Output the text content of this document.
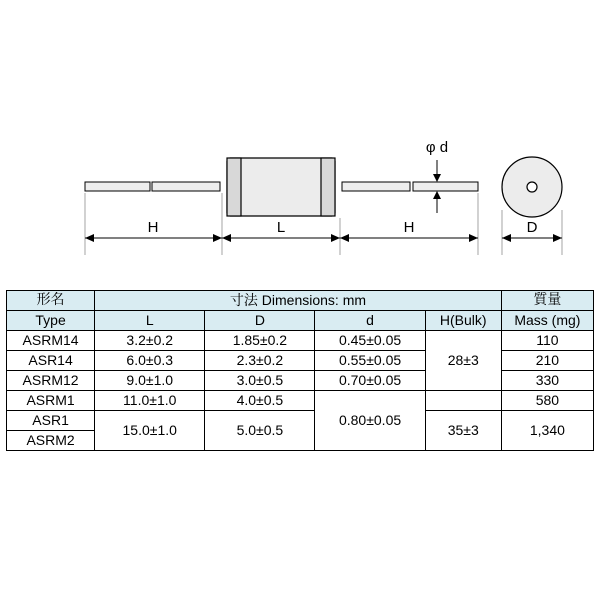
φ d
H	L	H	D
形名	寸法 Dimensions: mm				質量
Type	L	D	d	H(Bulk)	Mass (mg)
ASRM14	3.2±0.2	1.85±0.2	0.45±0.05	28±3	110
ASR14	6.0±0.3	2.3±0.2	0.55±0.05		210
ASRM12	9.0±1.0	3.0±0.5	0.70±0.05		330
ASRM1	11.0±1.0	4.0±0.5	0.80±0.05		580
ASR1	15.0±1.0	5.0±0.5		35±3	1,340
ASRM2					
